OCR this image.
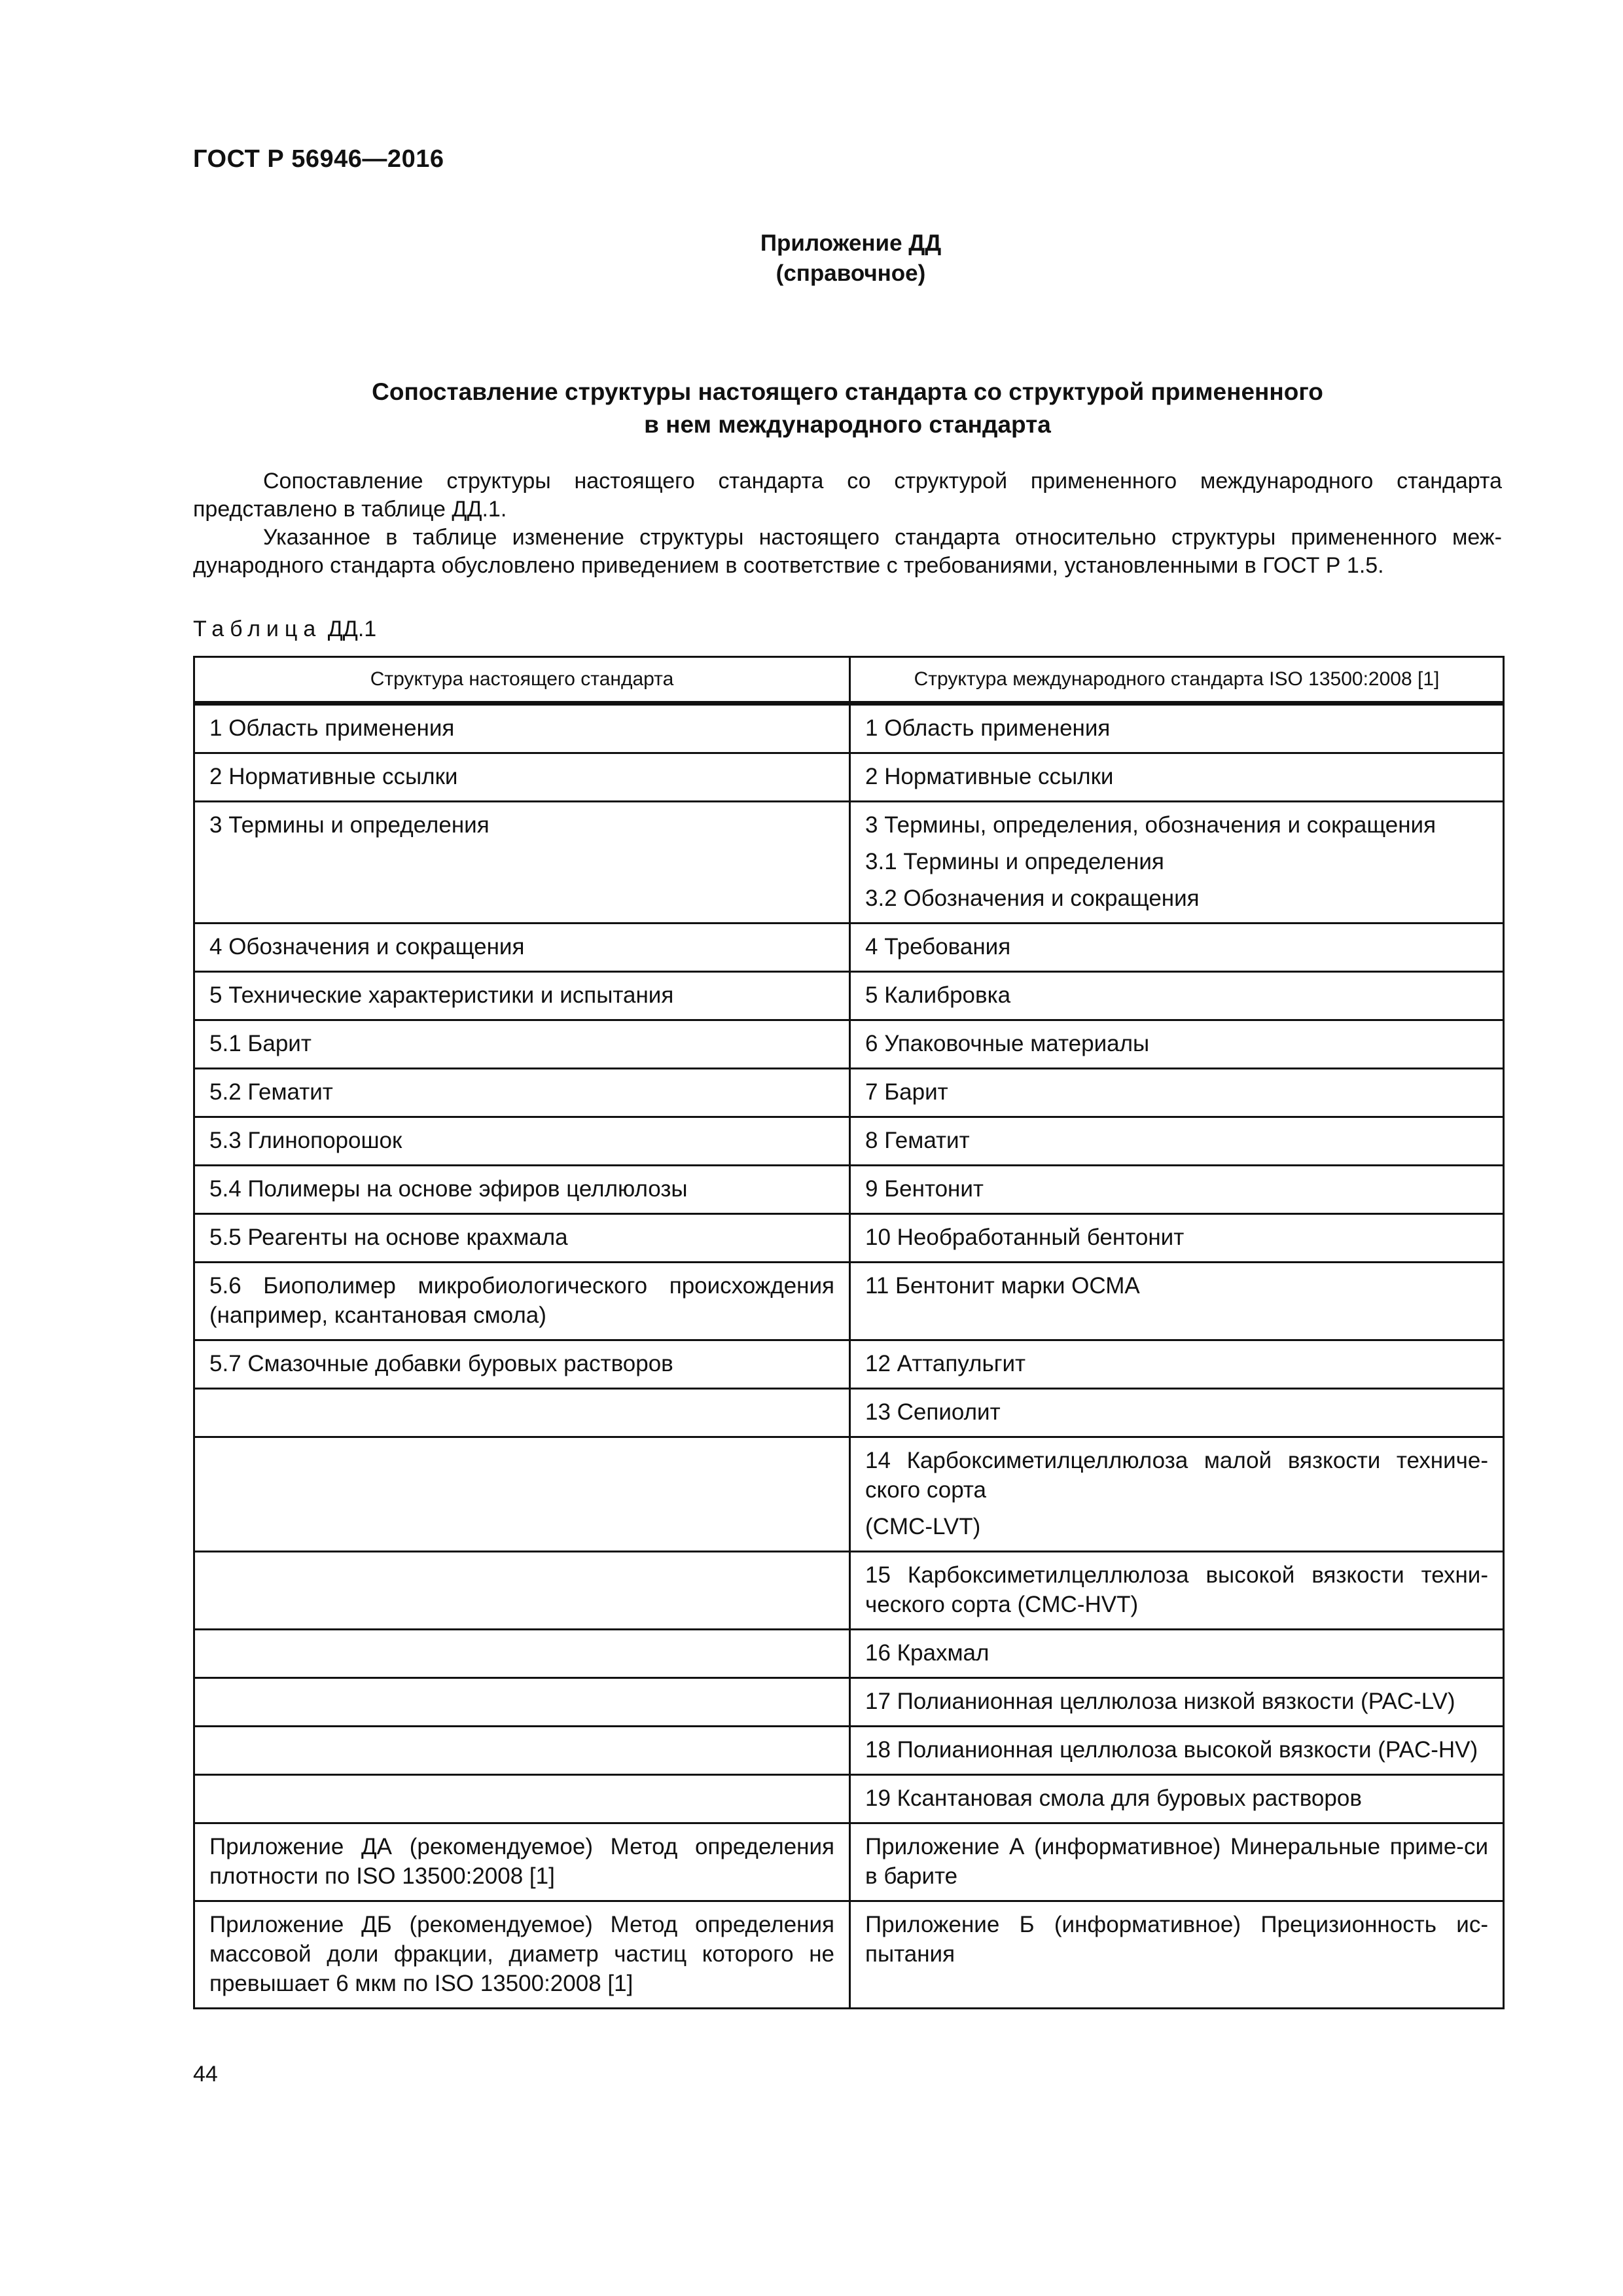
ГОСТ Р 56946—2016
Приложение ДД
(справочное)
Сопоставление структуры настоящего стандарта со структурой примененного
в нем международного стандарта

Сопоставление структуры настоящего стандарта со структурой примененного международного стандарта представлено в таблице ДД.1.

Указанное в таблице изменение структуры настоящего стандарта относительно структуры примененного меж-дународного стандарта обусловлено приведением в соответствие с требованиями, установленными в ГОСТ Р 1.5.

Таблица ДД.1
Структура настоящего стандарта	Структура международного стандарта ISO 13500:2008 [1]

1 Область применения	1 Область применения

2 Нормативные ссылки	2 Нормативные ссылки

3 Термины и определения	3 Термины, определения, обозначения и сокращения
3.1 Термины и определения
3.2 Обозначения и сокращения

4 Обозначения и сокращения	4 Требования

5 Технические характеристики и испытания	5 Калибровка

5.1 Барит	6 Упаковочные материалы

5.2 Гематит	7 Барит

5.3 Глинопорошок	8 Гематит

5.4 Полимеры на основе эфиров целлюлозы	9 Бентонит

5.5 Реагенты на основе крахмала	10 Необработанный бентонит

5.6 Биополимер микробиологического происхождения (например, ксантановая смола)	11 Бентонит марки ОСМА

5.7 Смазочные добавки буровых растворов	12 Аттапульгит

	13 Сепиолит

	14 Карбоксиметилцеллюлоза малой вязкости техниче-ского сорта
(CMC-LVT)

	15 Карбоксиметилцеллюлоза высокой вязкости техни-ческого сорта (CMC-HVT)

	16 Крахмал

	17 Полианионная целлюлоза низкой вязкости (PAC-LV)

	18 Полианионная целлюлоза высокой вязкости (PAC-HV)

	19 Ксантановая смола для буровых растворов

Приложение ДА (рекомендуемое) Метод определения плотности по ISO 13500:2008 [1]	Приложение А (информативное) Минеральные приме-си в барите

Приложение ДБ (рекомендуемое) Метод определения массовой доли фракции, диаметр частиц которого не превышает 6 мкм по ISO 13500:2008 [1]	Приложение Б (информативное) Прецизионность ис-пытания
44
